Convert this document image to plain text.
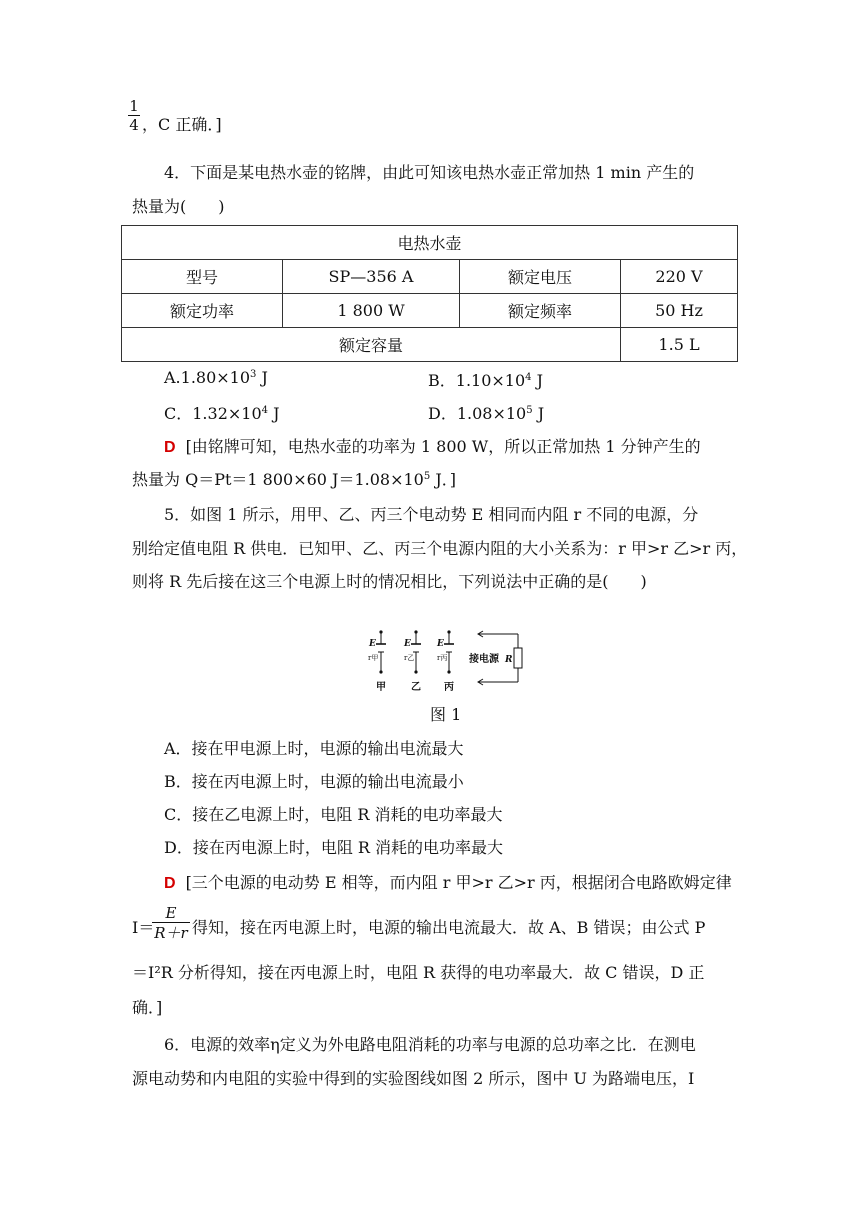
$\frac{1}{4}$ ，C 正确．]
4．下面是某电热水壶的铭牌，由此可知该电热水壶正常加热 1 min 产生的
热量为(　　)
电热水壶			
型号	SP—356 A	额定电压	220 V
额定功率	1 800 W	额定频率	50 Hz
额定容量			1.5 L
$A.1.80\times 10^3$ J	B．$1.10\times 10^4$ J
C．$1.32\times 10^4$ J	D．$1.08\times 10^5$ J
D [由铭牌可知，电热水壶的功率为 1 800 W，所以正常加热 1 分钟产生的
热量为 Q＝Pt＝1 800×60 $J=1.08\times 10^5$ J．]
5．如图 1 所示，用甲、乙、丙三个电动势 E 相同而内阻 r 不同的电源，分
别给定值电阻 R 供电．已知甲、乙、丙三个电源内阻的大小关系为：r 甲>r 乙>r 丙，
则将 R 先后接在这三个电源上时的情况相比，下列说法中正确的是(　　)
E	E	E
r甲	r乙	r丙
甲	乙 丙
接电源 R
图 1
A．接在甲电源上时，电源的输出电流最大
B．接在丙电源上时，电源的输出电流最小
C．接在乙电源上时，电阻 R 消耗的电功率最大
D．接在丙电源上时，电阻 R 消耗的电功率最大
D [三个电源的电动势 E 相等，而内阻 r 甲>r 乙>r 丙，根据闭合电路欧姆定律
I＝
$\frac{E}{R+r}$ 得知，接在丙电源上时，电源的输出电流最大．故 A、B 错误；由公式 P
＝I²R 分析得知，接在丙电源上时，电阻 R 获得的电功率最大．故 C 错误，D 正
确．]
6．电源的效率η定义为外电路电阻消耗的功率与电源的总功率之比．在测电
源电动势和内电阻的实验中得到的实验图线如图 2 所示，图中 U 为路端电压，I
